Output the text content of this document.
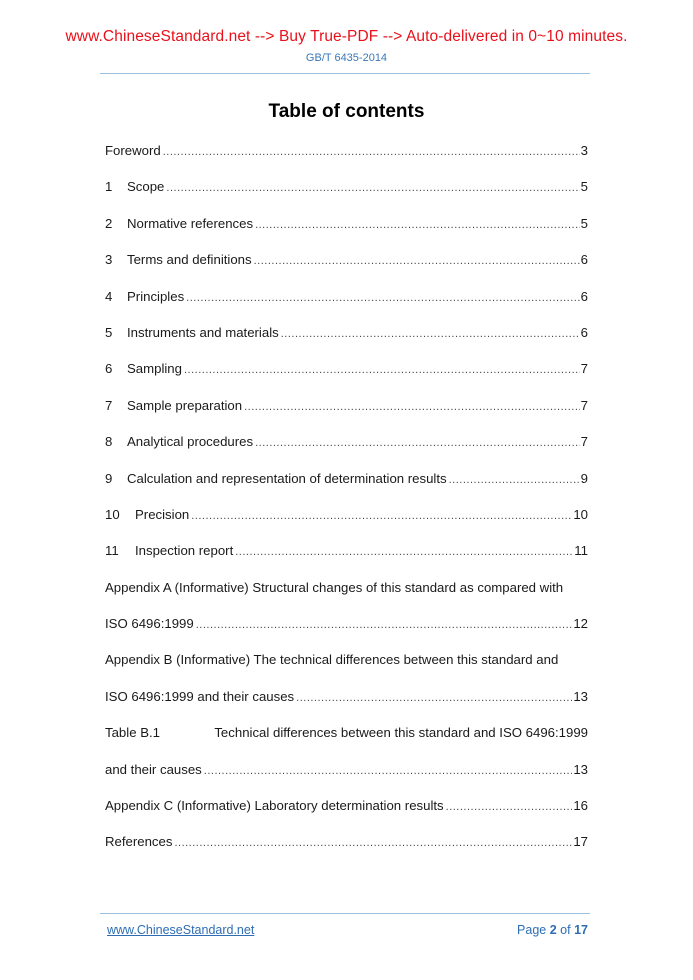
www.ChineseStandard.net --> Buy True-PDF --> Auto-delivered in 0~10 minutes.
GB/T 6435-2014
Table of contents
Foreword .....	3
1	Scope .....	5
2	Normative references .....	5
3	Terms and definitions .....	6
4	Principles .....	6
5	Instruments and materials .....	6
6	Sampling .....	7
7	Sample preparation .....	7
8	Analytical procedures .....	7
9	Calculation and representation of determination results .....	9
10	Precision .....	10
11	Inspection report .....	11
Appendix A (Informative) Structural changes of this standard as compared with
ISO 6496:1999 .....	12
Appendix B (Informative) The technical differences between this standard and
ISO 6496:1999 and their causes .....	13
Table B.1	Technical differences between this standard and ISO 6496:1999
and their causes .....	13
Appendix C (Informative) Laboratory determination results .....	16
References .....	17
www.ChineseStandard.net	Page 2 of 17
